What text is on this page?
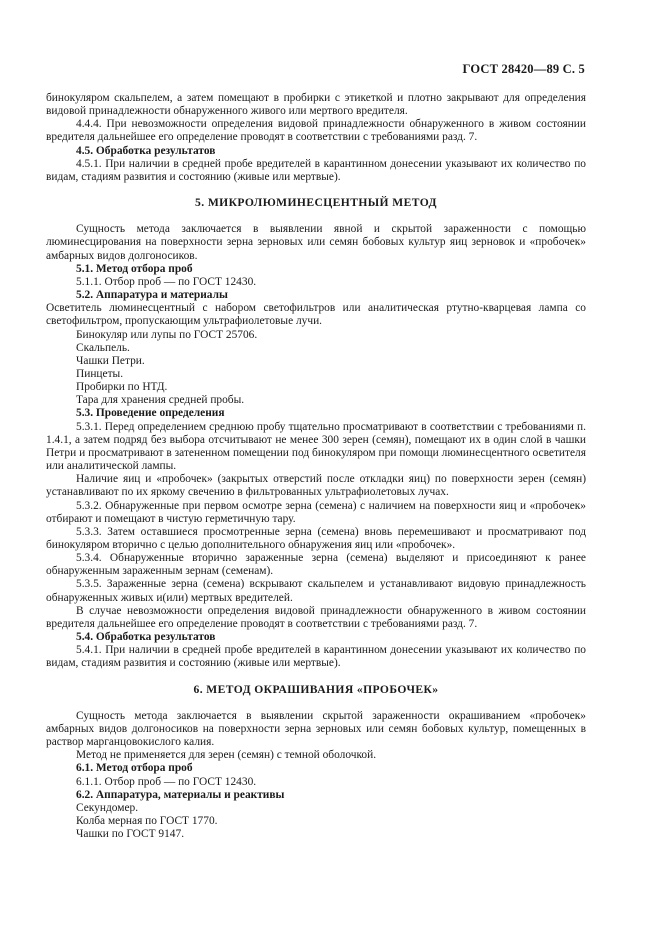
ГОСТ 28420—89 С. 5
бинокуляром скальпелем, а затем помещают в пробирки с этикеткой и плотно закрывают для определения видовой принадлежности обнаруженного живого или мертвого вредителя.
4.4.4. При невозможности определения видовой принадлежности обнаруженного в живом состоянии вредителя дальнейшее его определение проводят в соответствии с требованиями разд. 7.
4.5. Обработка результатов
4.5.1. При наличии в средней пробе вредителей в карантинном донесении указывают их количество по видам, стадиям развития и состоянию (живые или мертвые).
5. МИКРОЛЮМИНЕСЦЕНТНЫЙ МЕТОД
Сущность метода заключается в выявлении явной и скрытой зараженности с помощью люминесцирования на поверхности зерна зерновых или семян бобовых культур яиц зерновок и «пробочек» амбарных видов долгоносиков.
5.1. Метод отбора проб
5.1.1. Отбор проб — по ГОСТ 12430.
5.2. Аппаратура и материалы
Осветитель люминесцентный с набором светофильтров или аналитическая ртутно-кварцевая лампа со светофильтром, пропускающим ультрафиолетовые лучи.
Бинокуляр или лупы по ГОСТ 25706.
Скальпель.
Чашки Петри.
Пинцеты.
Пробирки по НТД.
Тара для хранения средней пробы.
5.3. Проведение определения
5.3.1. Перед определением среднюю пробу тщательно просматривают в соответствии с требованиями п. 1.4.1, а затем подряд без выбора отсчитывают не менее 300 зерен (семян), помещают их в один слой в чашки Петри и просматривают в затененном помещении под бинокуляром при помощи люминесцентного осветителя или аналитической лампы.
Наличие яиц и «пробочек» (закрытых отверстий после откладки яиц) по поверхности зерен (семян) устанавливают по их яркому свечению в фильтрованных ультрафиолетовых лучах.
5.3.2. Обнаруженные при первом осмотре зерна (семена) с наличием на поверхности яиц и «пробочек» отбирают и помещают в чистую герметичную тару.
5.3.3. Затем оставшиеся просмотренные зерна (семена) вновь перемешивают и просматривают под бинокуляром вторично с целью дополнительного обнаружения яиц или «пробочек».
5.3.4. Обнаруженные вторично зараженные зерна (семена) выделяют и присоединяют к ранее обнаруженным зараженным зернам (семенам).
5.3.5. Зараженные зерна (семена) вскрывают скальпелем и устанавливают видовую принадлежность обнаруженных живых и(или) мертвых вредителей.
В случае невозможности определения видовой принадлежности обнаруженного в живом состоянии вредителя дальнейшее его определение проводят в соответствии с требованиями разд. 7.
5.4. Обработка результатов
5.4.1. При наличии в средней пробе вредителей в карантинном донесении указывают их количество по видам, стадиям развития и состоянию (живые или мертвые).
6. МЕТОД ОКРАШИВАНИЯ «ПРОБОЧЕК»
Сущность метода заключается в выявлении скрытой зараженности окрашиванием «пробочек» амбарных видов долгоносиков на поверхности зерна зерновых или семян бобовых культур, помещенных в раствор марганцовокислого калия.
Метод не применяется для зерен (семян) с темной оболочкой.
6.1. Метод отбора проб
6.1.1. Отбор проб — по ГОСТ 12430.
6.2. Аппаратура, материалы и реактивы
Секундомер.
Колба мерная по ГОСТ 1770.
Чашки по ГОСТ 9147.
